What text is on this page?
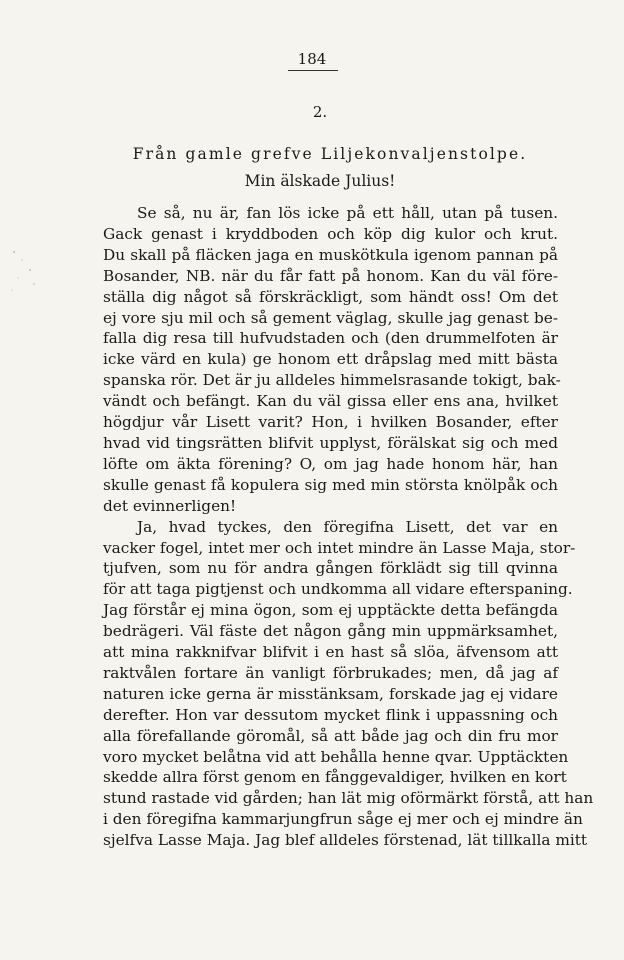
184
2.
Från gamle grefve Liljekonvaljenstolpe.
Min älskade Julius!
Se så, nu är, fan lös icke på ett håll, utan på tusen.
Gack genast i kryddboden och köp dig kulor och krut.
Du skall på fläcken jaga en muskötkula igenom pannan på
Bosander, NB. när du får fatt på honom. Kan du väl före-
ställa dig något så förskräckligt, som händt oss! Om det
ej vore sju mil och så gement väglag, skulle jag genast be-
falla dig resa till hufvudstaden och (den drummelfoten är
icke värd en kula) ge honom ett dråpslag med mitt bästa
spanska rör. Det är ju alldeles himmelsrasande tokigt, bak-
vändt och befängt. Kan du väl gissa eller ens ana, hvilket
högdjur vår Lisett varit? Hon, i hvilken Bosander, efter
hvad vid tingsrätten blifvit upplyst, förälskat sig och med
löfte om äkta förening? O, om jag hade honom här, han
skulle genast få kopulera sig med min största knölpåk och
det evinnerligen!
Ja, hvad tyckes, den föregifna Lisett, det var en
vacker fogel, intet mer och intet mindre än Lasse Maja, stor-
tjufven, som nu för andra gången förklädt sig till qvinna
för att taga pigtjenst och undkomma all vidare efterspaning.
Jag förstår ej mina ögon, som ej upptäckte detta befängda
bedrägeri. Väl fäste det någon gång min uppmärksamhet,
att mina rakknifvar blifvit i en hast så slöa, äfvensom att
raktvålen fortare än vanligt förbrukades; men, då jag af
naturen icke gerna är misstänksam, forskade jag ej vidare
derefter. Hon var dessutom mycket flink i uppassning och
alla förefallande göromål, så att både jag och din fru mor
voro mycket belåtna vid att behålla henne qvar. Upptäckten
skedde allra först genom en fånggevaldiger, hvilken en kort
stund rastade vid gården; han lät mig oförmärkt förstå, att han
i den föregifna kammarjungfrun såge ej mer och ej mindre än
sjelfva Lasse Maja. Jag blef alldeles förstenad, lät tillkalla mitt
